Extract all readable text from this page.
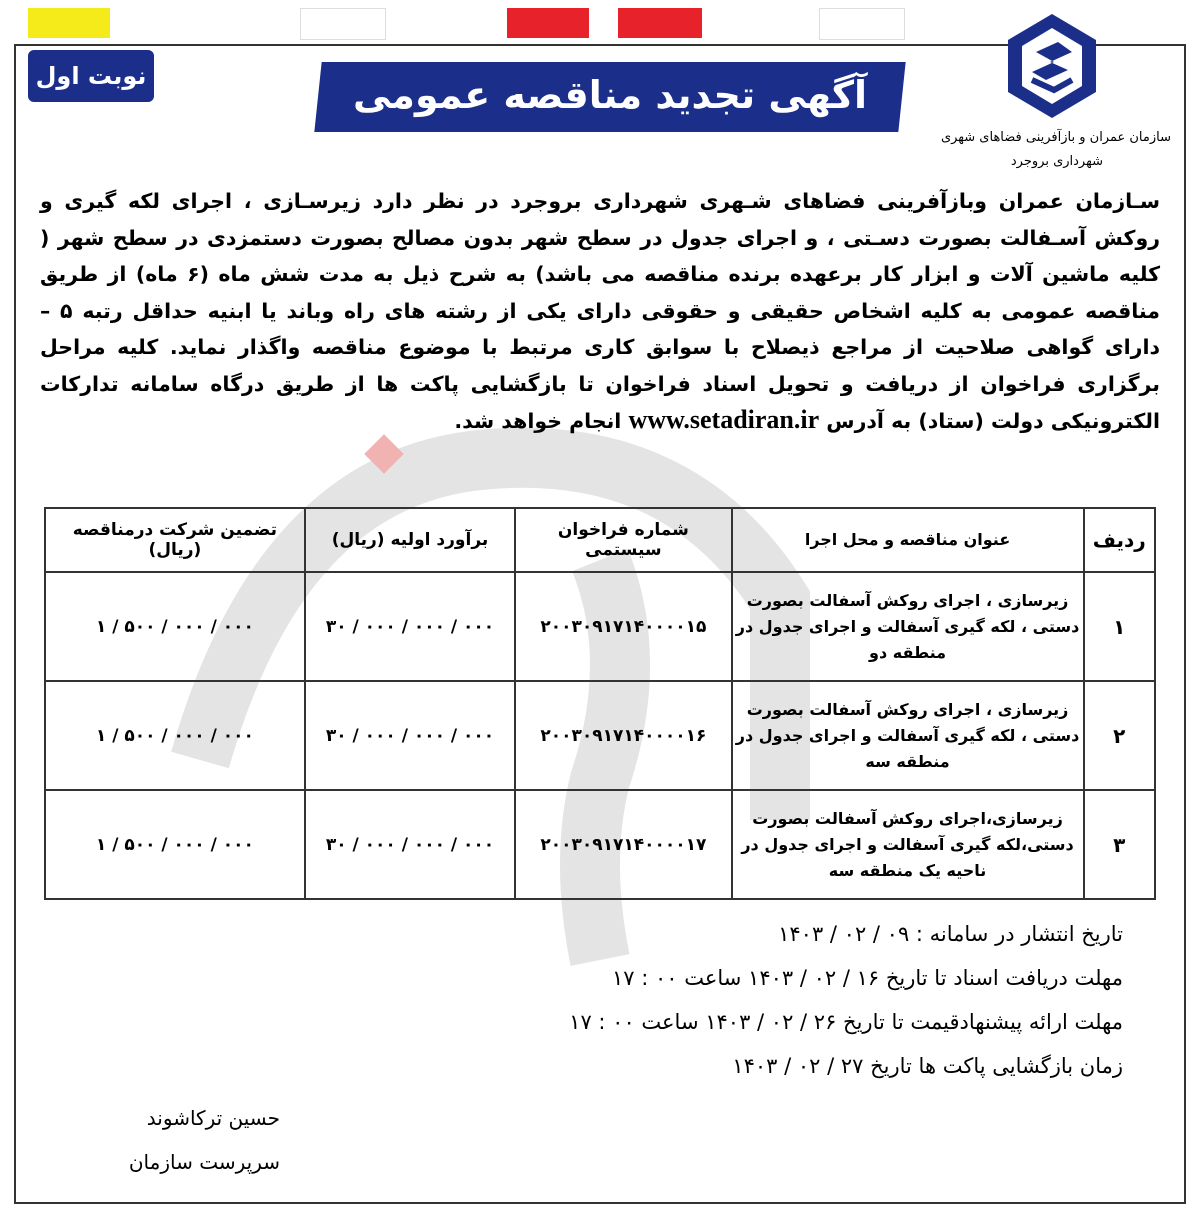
نوبت اول	آگهی تجدید مناقصه عمومی
سازمان عمران و بازآفرینی فضاهای شهری
شهرداری بروجرد
سـازمان عمران وبازآفرینی فضاهای شـهری شهرداری بروجرد در نظر دارد زیرسـازی ، اجرای لکه گیری و روکش آسـفالت بصورت دسـتی ، و اجرای جدول در سطح شهر بدون مصالح بصورت دستمزدی در سطح شهر ( کلیه ماشین آلات و ابزار کار برعهده برنده مناقصه می باشد) به شرح ذیل به مدت شش ماه (۶ ماه) از طریق مناقصه عمومی به کلیه اشخاص حقیقی و حقوقی دارای یکی از رشته های راه وباند یا ابنیه حداقل رتبه ۵ – دارای گواهی صلاحیت از مراجع ذیصلاح با سوابق کاری مرتبط با موضوع مناقصه واگذار نماید. کلیه مراحل برگزاری فراخوان از دریافت و تحویل اسناد فراخوان تا بازگشایی پاکت ها از طریق درگاه سامانه تدارکات الکترونیکی دولت (ستاد) به آدرس www.setadiran.ir انجام خواهد شد.
ردیف	عنوان مناقصه و محل اجرا	شماره فراخوان سیستمی	برآورد اولیه (ریال)	تضمین شرکت درمناقصه (ریال)
۱	زیرسازی ، اجرای روکش آسفالت بصورت دستی ، لکه گیری آسفالت و اجرای جدول در منطقه دو	۲۰۰۳۰۹۱۷۱۴۰۰۰۰۱۵	۳۰ / ۰۰۰ / ۰۰۰ / ۰۰۰	۱ / ۵۰۰ / ۰۰۰ / ۰۰۰
۲	زیرسازی ، اجرای روکش آسفالت بصورت دستی ، لکه گیری آسفالت و اجرای جدول در منطقه سه	۲۰۰۳۰۹۱۷۱۴۰۰۰۰۱۶	۳۰ / ۰۰۰ / ۰۰۰ / ۰۰۰	۱ / ۵۰۰ / ۰۰۰ / ۰۰۰
۳	زیرسازی،اجرای روکش آسفالت بصورت دستی،لکه گیری آسفالت و اجرای جدول در ناحیه یک منطقه سه	۲۰۰۳۰۹۱۷۱۴۰۰۰۰۱۷	۳۰ / ۰۰۰ / ۰۰۰ / ۰۰۰	۱ / ۵۰۰ / ۰۰۰ / ۰۰۰
تاریخ انتشار در سامانه : ۰۹ / ۰۲ / ۱۴۰۳
مهلت دریافت اسناد تا تاریخ ۱۶ / ۰۲ / ۱۴۰۳ ساعت ۰۰ : ۱۷
مهلت ارائه پیشنهادقیمت تا تاریخ ۲۶ / ۰۲ / ۱۴۰۳ ساعت ۰۰ : ۱۷
زمان بازگشایی پاکت ها تاریخ ۲۷ / ۰۲ / ۱۴۰۳
حسین ترکاشوند
سرپرست سازمان
